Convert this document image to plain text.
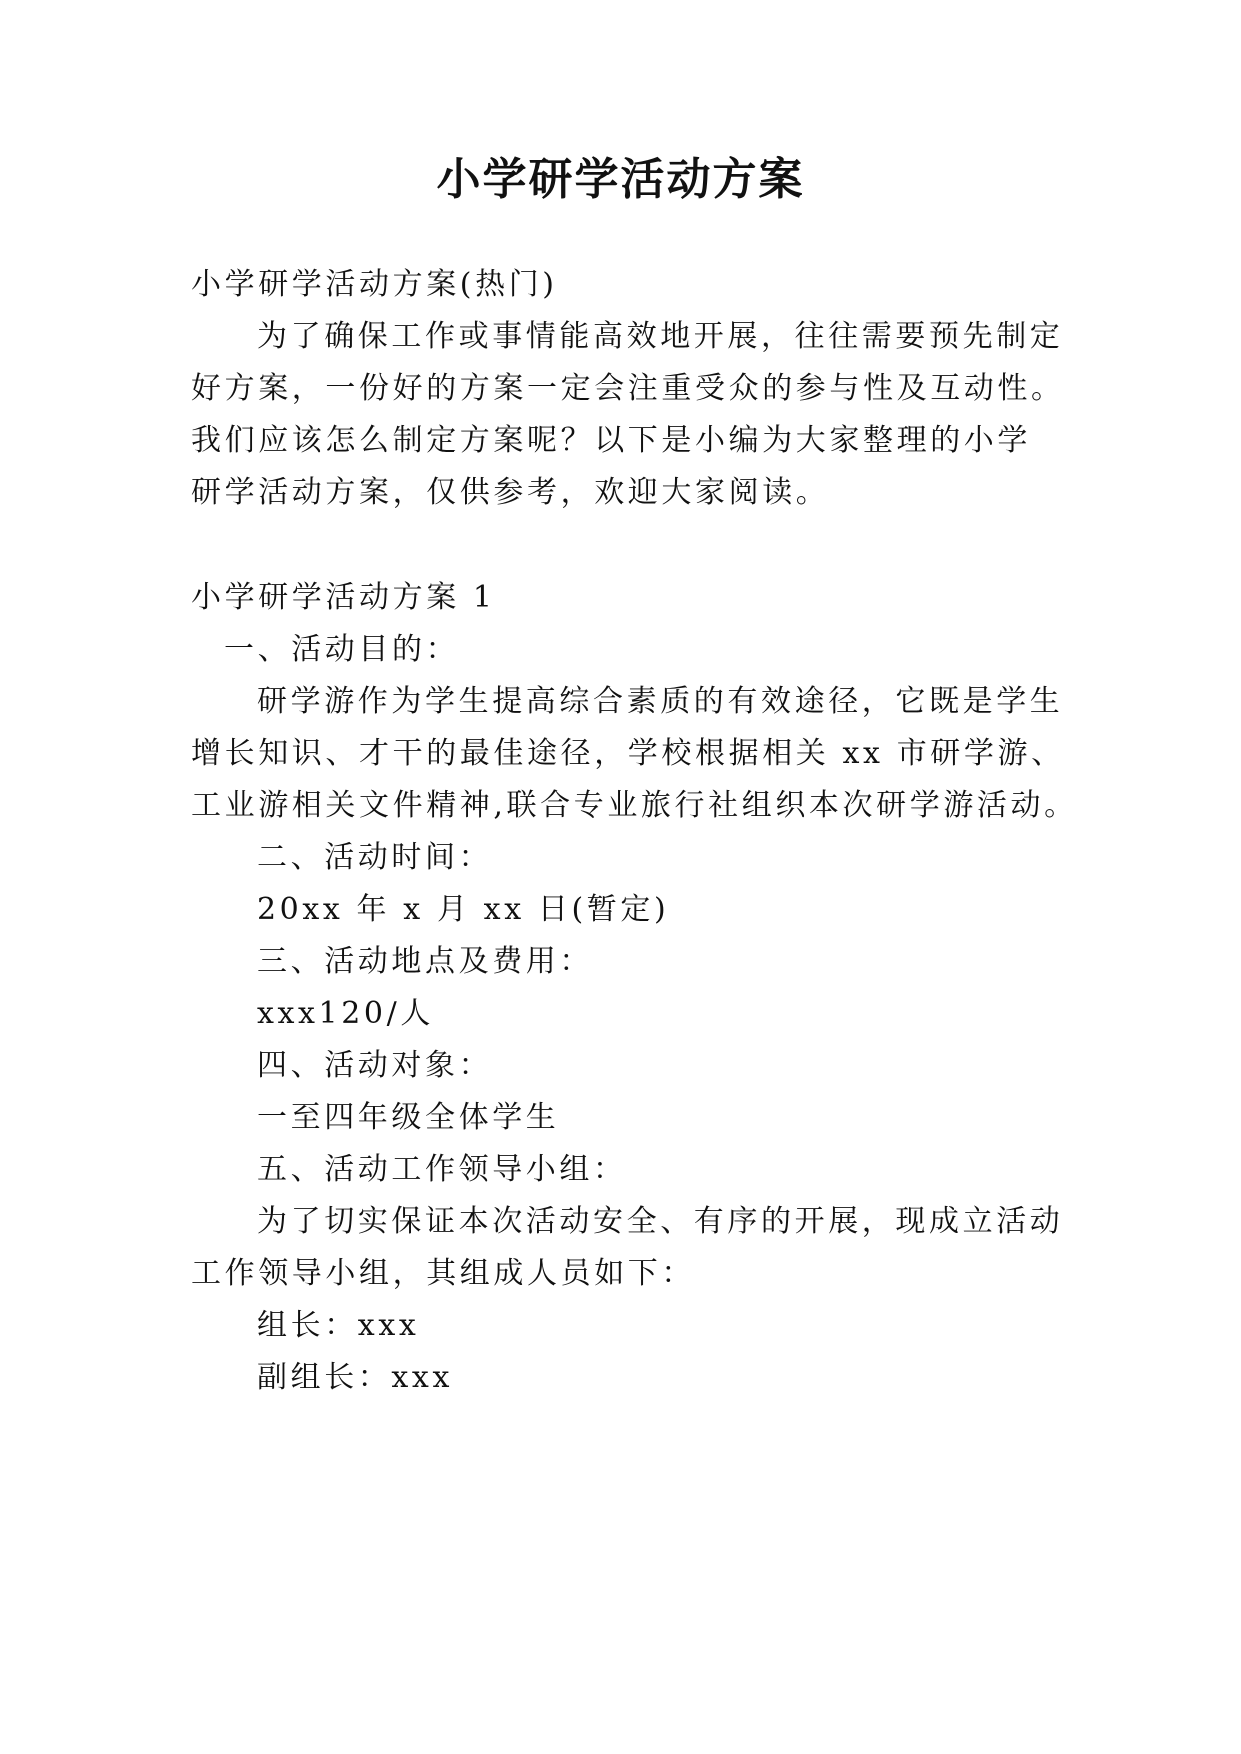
小学研学活动方案
小学研学活动方案(热门)
为了确保工作或事情能高效地开展，往往需要预先制定
好方案，一份好的方案一定会注重受众的参与性及互动性。
我们应该怎么制定方案呢？以下是小编为大家整理的小学
研学活动方案，仅供参考，欢迎大家阅读。
小学研学活动方案 1
一、活动目的：
研学游作为学生提高综合素质的有效途径，它既是学生
增长知识、才干的最佳途径，学校根据相关 xx 市研学游、
工业游相关文件精神,联合专业旅行社组织本次研学游活动。
二、活动时间：
20xx 年 x 月 xx 日(暂定)
三、活动地点及费用：
xxx120/人
四、活动对象：
一至四年级全体学生
五、活动工作领导小组：
为了切实保证本次活动安全、有序的开展，现成立活动
工作领导小组，其组成人员如下：
组长：xxx
副组长：xxx
